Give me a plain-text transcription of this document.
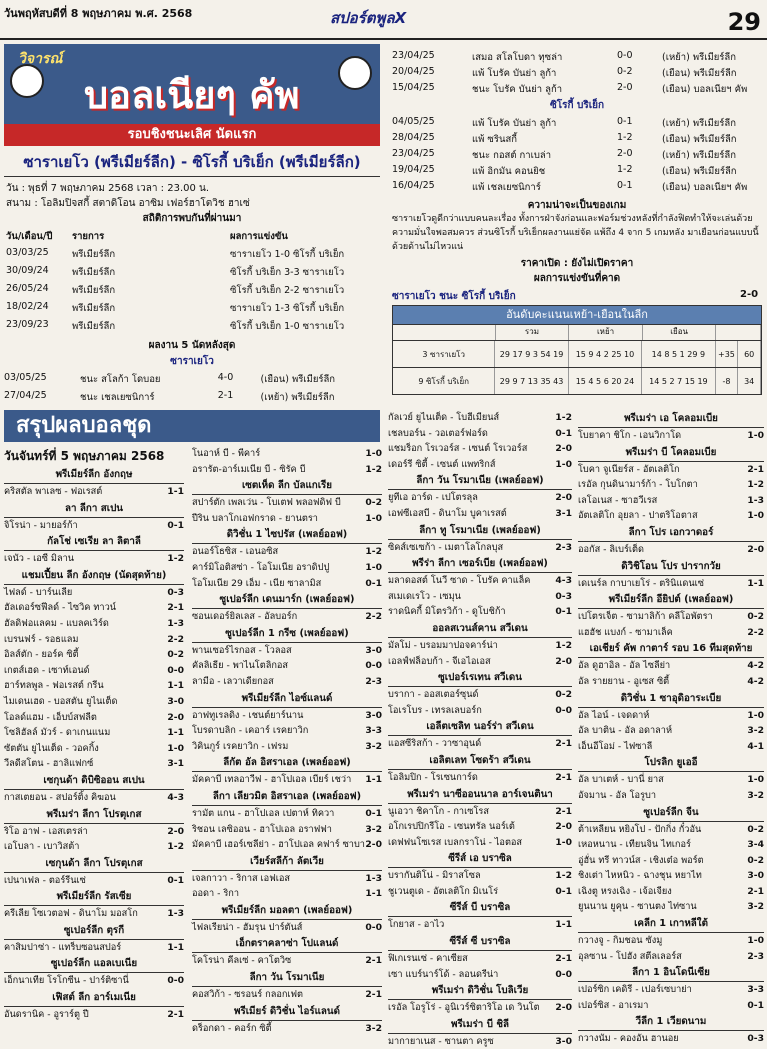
วันพฤหัสบดีที่ 8 พฤษภาคม พ.ศ. 2568	สปอร์ตพูลX	29
วิจารณ์
บอลเนียๆ คัพ
รอบชิงชนะเลิศ นัดแรก
ซาราเยโว (พรีเมียร์ลีก) - ซิโรกี้ บริเย็ก (พรีเมียร์ลีก)
วัน : พุธที่ 7 พฤษภาคม 2568 เวลา : 23.00 น.
สนาม : โอลิมปิจสกี้ สตาดิโอน อาซิม เฟอร์ฮาโตวิช ฮาเซ่
สถิติการพบกันที่ผ่านมา
วัน/เดือน/ปี รายการ	ผลการแข่งขัน
03/03/25 พรีเมียร์ลีก	ซาราเยโว 1-0 ซิโรกี้ บริเย็ก
30/09/24 พรีเมียร์ลีก	ซิโรกี้ บริเย็ก 3-3 ซาราเยโว
26/05/24 พรีเมียร์ลีก	ซิโรกี้ บริเย็ก 2-2 ซาราเยโว
18/02/24 พรีเมียร์ลีก	ซาราเยโว 1-3 ซิโรกี้ บริเย็ก
23/09/23 พรีเมียร์ลีก	ซิโรกี้ บริเย็ก 1-0 ซาราเยโว
ผลงาน 5 นัดหลังสุด
ซาราเยโว
03/05/25	ชนะ สโลก้า โดบอย	4-0	(เยือน) พรีเมียร์ลีก
27/04/25	ชนะ เชลเยซนิการ์	2-1	(เหย้า) พรีเมียร์ลีก
23/04/25	เสมอ สโลโบดา ทุซล่า	0-0	(เหย้า) พรีเมียร์ลีก
20/04/25	แพ้ โบรัค บันย่า ลูก้า	0-2	(เยือน) พรีเมียร์ลีก
15/04/25	ชนะ โบรัค บันย่า ลูก้า	2-0	(เยือน) บอลเนียฯ คัพ
ซิโรกี้ บริเย็ก
04/05/25	แพ้ โบรัค บันย่า ลูก้า	0-1	(เหย้า) พรีเมียร์ลีก
28/04/25	แพ้ ซรินสกี้	1-2	(เยือน) พรีเมียร์ลีก
23/04/25	ชนะ กอสต์ กาเบล่า	2-0	(เหย้า) พรีเมียร์ลีก
19/04/25	แพ้ อิกมัน คอนยิช	1-2	(เยือน) พรีเมียร์ลีก
16/04/25	แพ้ เชลเยซนิการ์	0-1	(เยือน) บอลเนียฯ คัพ
ความน่าจะเป็นของเกม
ซาราเยโวดูดีกว่าแบบคนละเรื่อง ทั้งการฝ่าจังก่อนและฟอร์มช่วงหลังที่กำลังฟิตทำให้จะเล่นด้วยความมั่นใจพอสมควร ส่วนซิโรกี้ บริเย็กผลงานแย่จัด แพ้ถึง 4 จาก 5 เกมหลัง มาเยือนก่อนแบบนี้ด้วยด้านไม่ไหวแน่
ราคาเปิด : ยังไม่เปิดราคา
ผลการแข่งขันที่คาด
ซาราเยโว ชนะ ซิโรกี้ บริเย็ก	2-0
อันดับคะแนนเหย้า-เยือนในลีก
รวม	เหย้า	เยือน
3 ซาราเยโว	29 17 9 3 54 19	15 9 4 2 25 10	14 8 5 1 29 9	+35	60
9 ซิโรกี้ บริเย็ก	29 9 7 13 35 43	15 4 5 6 20 24	14 5 2 7 15 19	-8	34
สรุปผลบอลชุด
วันจันทร์ที่ 5 พฤษภาคม 2568
พรีเมียร์ลีก อังกฤษ
คริสตัล พาเลซ - ฟอเรสต์	1-1
ลา ลีกา สเปน
จิโรน่า - มายอร์ก้า	0-1
กัลโช่ เซเรีย ลา ลิตาลี
เจนัว - เอซี มิลาน	1-2
แชมเปี้ยน ลีก อังกฤษ (นัดสุดท้าย)
ไฟลด์ - บาร์นเลีย	0-3
ฮัลเดอร์ซฟีลด์ - ไซวิค ทาวน์	2-1
ฮัลดิฟอแลคม - แบลคเวิร์ด	1-3
เบรนฟร์ - รอธแลม	2-2
อิลส์ตัก - ยอร์ค ซิตี้	0-2
เกตส์เฮด - เซาท์เอนด์	0-0
ฮาร์ทลพูล - ฟอเรสต์ กรีน	1-1
ไมเดนเฮด - บอสตัน ยูไนเต็ด	3-0
โอลด์แฮม - เอ็บบ์สฟลีต	2-0
โซลิฮัลล์ มัวร์ - ดาเกนแนม	1-1
ซัตตัน ยูไนเต็ด - วอคกิ้ง	1-0
วีลดีสโตน - ฮาลิแฟกซ์	3-1
เซกุนด้า ดิบิซิออน สเปน
กาสเตยอน - สปอร์ติ้ง คิฆอน	4-3
พรีเมร่า ลีกา โปรตุเกส
ริโอ อาฟ - เอสเตรล่า	2-0
เอโบลา - เบาวิสต้า	1-2
เซกุนด้า ลีกา โปรตุเกส
เปนาเฟล - ตอร์รีนเซ่	0-1
พรีเมียร์ลีก รัสเซีย
ครีเลีย โซเวตอฟ - ดินาโม มอสโก	1-3
ซูเปอร์ลีก ตุรกี
คาสิมปาซ่า - แทร็บซอนสปอร์	1-1
ซูเปอร์ลีก แอลเบเนีย
เอ็กนาเทีย โรโกซีน - ปาร์ติซานี่	0-0
เฟิสต์ ลีก อาร์เมเนีย
อันดรานิค - อูราร์ตู ปี	2-1
โนอาห์ บี - พีคาร์	1-0
อรารัต-อาร์เมเนีย บี - ซิรัค บี	1-2
เซตเห็ด ลีก บัลแกเรีย
สปาร์ตัก เพลเว่น - โบเตฟ พลอฟดิฟ บี	0-2
ปีริน บลาโกเอฟกราด - ยานตรา	1-0
ดิวิชั่น 1 ไซปรัส (เพลย์ออฟ)
อนอร์โธซิส - เอนอซิส	1-2
คาร์มิโอติสซ่า - โอโมเนีย อราดิปปู	1-0
โอโมเนีย 29 เอ็ม - เนีย ซาลามิส	0-1
ซูเปอร์ลีก เดนมาร์ก (เพลย์ออฟ)
ซอนเดอร์ยิลเลส - อัลบอร์ก	2-2
ซูเปอร์ลีก 1 กรีซ (เพลย์ออฟ)
พานเซอร์ไรกอส - โวลอส	3-0
คัลลิเธีย - พาไนโตลิกอส	0-0
ลามีอ - เลวาเดียกอส	2-3
พรีเมียร์ลีก ไอซ์แลนด์
อาฟทูเรลดิง - เชนต์ยาร์นาน	3-0
โบรดาบลิก - เคอาร์ เรคยาวิก	3-3
วิคินกูร์ เรคยาวิก - เฟรม	3-2
ลีกัต อัล อิสราเอล (เพลย์ออฟ)
มัคคาบี เทลอาวีฟ - ฮาโปเอล เบียร์ เชว่า 1-1
ลีกา เลียวมิต อิสราเอล (เพลย์ออฟ)
รามัต แกน - ฮาโปเอล เปตาห์ ทิควา	0-1
ริชอน เลซิออน - ฮาโปเอล อราฟฟา	3-2
มัคคาบี เฮอร์เซลีย่า - ฮาโปเอล คฟาร์ ซาบา 2-0
เวียร์สลีก้า ลัตเวีย
เจลกาวา - ริกาส เอฟเอส	1-3
ออดา - ริกา	1-1
พรีเมียร์ลีก มอลตา (เพลย์ออฟ)
ไฟลเรียน่า - ฮัมรุน ปาร์ตันส์	0-0
เอ็กตราคลาซ่า โปแลนด์
โคโรน่า คีลเซ่ - คาโตวิซ	2-1
ลีกา วัน โรมาเนีย
คอสวิก้า - ซรอนร์ กลอกเฟต	2-1
พรีเมียร์ ดิวิชั่น ไอร์แลนด์
ดร็อกดา - คอร์ก ซิตี้	3-2
กัลเวย์ ยูไนเต็ด - โบฮีเมียนส์	1-2
เชลบอร์น - วอเตอร์ฟอร์ด	0-1
แชมร็อก โรเวอร์ส - เซนต์ โรเวอร์ส	2-0
เดอร์รี ซิตี้ - เซนต์ แพทริกส์	1-0
ลีกา วัน โรมาเนีย (เพลย์ออฟ)
ยูทีเอ อาร์ด - เปโตรลุล	2-0
เอฟซีเอสบี - ดินาโม บูคาเรสต์	3-1
ลีกา ทู โรมาเนีย (เพลย์ออฟ)
ซิคส์เซเซก้า - เมตาโลโกลบุส	2-3
พรีร่า ลีกา เซอร์เบีย (เพลย์ออฟ)
มลาดอสต์ โนวี ซาด - โบรัค คาแล็ค	4-3
สเมเดเรโว - เซมุน	0-3
ราดนิคกี้ มิโตรวิก้า - ดูโบชิก้า	0-1
ออลสเวนส์คาน สวีเดน
มัลโม่ - บรอมมาปอจคาร์น่า	1-2
เอลฟ์ฟล็อบก้า - จีเอไอเอส	2-0
ซูเปอร์เรเทน สวีเดน
บรากา - ออสเตอร์ซุนด์	0-2
โอเรโบร - เทรลเลบอร์ก	0-0
เอลีตเซลิท นอร์ร่า สวีเดน
แอสซีริสก้า - วาซาอุนด์	2-1
เอลิตเลท โซดร้า สวีเดน
โอลิมปิก - โรเซนการ์ด	2-1
พรีเมร่า นาซีออนนาล อาร์เจนตินา
นูเอวา ชิคาโก - กาเซโรส	2-1
อโกเรปปิกรีโอ - เซนทรัล นอร์เต้	2-0
เดฟฟนโซเรส เบลกราโน่ - ไอตอส	1-0
ซีรีส์ เอ บราซิล
บรากันติโน่ - มิราสโซล	1-2
ชูเวนตูเด - อัตเลติโก มิเนโร่	0-1
ซีรีส์ บี บราซิล
โกยาส - อาไว	1-1
ซีรีส์ ซี บราซิล
ฟิเกเรนเซ่ - คาเซียส	2-1
เซา แบร์นาร์โด้ - ลอนดรีน่า	0-0
พรีเมร่า ดิวิชั่น โบลิเวีย
เรอัล โอรูโร่ - อูนิเวร์ซิตาริโอ เด วินโต 2-0
พรีเมร่า บี ชิลี
มากายาเนส - ซานตา ครูซ	3-0
พรีเมร่า เอ โคลอมเบีย
โบยาคา ชิโก - เอนวิกาโด	1-0
พรีเมร่า บี โคลอมเบีย
โบคา จูเนียร์ส - อัตเลติโก	2-1
เรอัล กุนดินามาร์ก้า - โบโกตา	1-2
เลโอเนส - ซาฮวีเรส	1-3
อัตเลติโก อุยลา - ปาตริโอตาส	1-0
ลีกา โปร เอกวาดอร์
ออกัส - ลิเบร์เต็ด	2-0
ดิวิชิโอน โปร ปารากวัย
เดเนร์ล กาบาเยโร่ - ตรินิแดนเซ่	1-1
พรีเมียร์ลีก อียิปต์ (เพลย์ออฟ)
เปโตรเจ็ต - ซามาลิก้า คลีโอพัตรา	0-2
แฮฮัช แบงก์ - ซามาเล็ค	2-2
เอเชียร์ คัพ กาตาร์ รอบ 16 ทีมสุดท้าย
อัล ดูฮาอิล - อัล ไซลีย่า	4-2
อัล รายยาน - อูเซส ซิตี้	4-2
ดิวิชั่น 1 ซาอุดิอาระเบีย
อัล ไอน์ - เจดดาห์	1-0
อัล บาติน - อัล อดาลาห์	3-2
เอ็นอีโอม่ - ไฟซาลี	4-1
โปรลิก ยูเออี
อัล บาเตห์ - บานี่ ยาส	1-0
อัจมาน - อัล โอรูบา	3-2
ซูเปอร์ลีก จีน
ต้าเหลียน หยิงโป - ปักกิ่ง กั๋วอัน	0-2
เหอหนาน - เทียนจิน ไทเกอร์	3-4
อู่ฮั่น ทรี ทาวน์ส - เชิงเต๋อ พอร์ต	0-2
ชิงเต่า ไหหนิว - ฉางชุน หยาไท	3-0
เฉิงตู หรงเฉิง - เจ้อเจียง	2-1
ยูนนาน ยูคุน - ซานตง ไท่ซาน	3-2
เคลีก 1 เกาหลีใต้
กวางจู - กิมชอน ซังมู	1-0
อุลซาน - โปฮัง สตีลเลอร์ส	2-3
ลีกา 1 อินโดนีเซีย
เปอร์ซิก เคดิรี - เปอร์เซบาย่า	3-3
เปอร์ซิส - อาเรมา	0-1
วีลีก 1 เวียดนาม
กวางนัม - คองอัน ฮานอย	0-3
